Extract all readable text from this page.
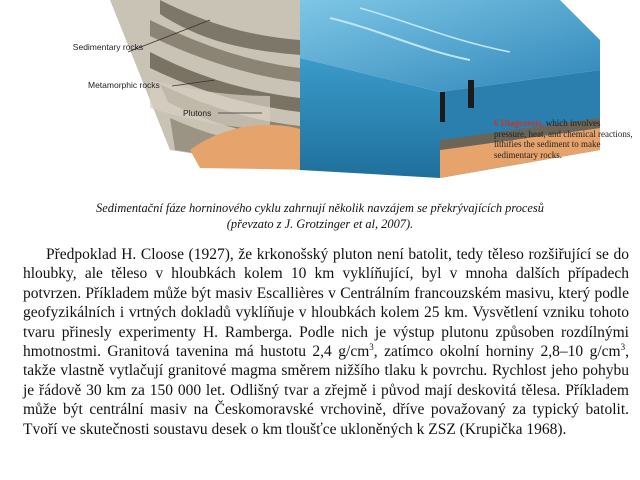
Sedimentary rocks
Metamorphic rocks
Plutons
6 Diagenesis, which involves pressure, heat, and chemical reactions, lithifies the sediment to make sedimentary rocks.
Sedimentační fáze horninového cyklu zahrnují několik navzájem se překrývajících procesů
(převzato z J. Grotzinger et al, 2007).

Předpoklad H. Cloose (1927), že krkonošský pluton není batolit, tedy těleso rozšiřující se do hloubky, ale těleso v hloubkách kolem 10 km vyklíňující, byl v mnoha dalších případech potvrzen. Příkladem může být masiv Escallières v Centrálním francouzském masivu, který podle geofyzikálních i vrtných dokladů vyklíňuje v hloubkách kolem 25 km. Vysvětlení vzniku tohoto tvaru přinesly experimenty H. Ramberga. Podle nich je výstup plutonu způsoben rozdílnými hmotnostmi. Granitová tavenina má hustotu 2,4 $g/cm^3$, zatímco okolní horniny 2,8–10 $g/cm^3$, takže vlastně vytlačují granitové magma směrem nižšího tlaku k povrchu. Rychlost jeho pohybu je řádově 30 km za 150 000 let. Odlišný tvar a zřejmě i původ mají deskovitá tělesa. Příkladem může být centrální masiv na Českomoravské vrchovině, dříve považovaný za typický batolit. Tvoří ve skutečnosti soustavu desek o km tloušťce ukloněných k ZSZ (Krupička 1968).
